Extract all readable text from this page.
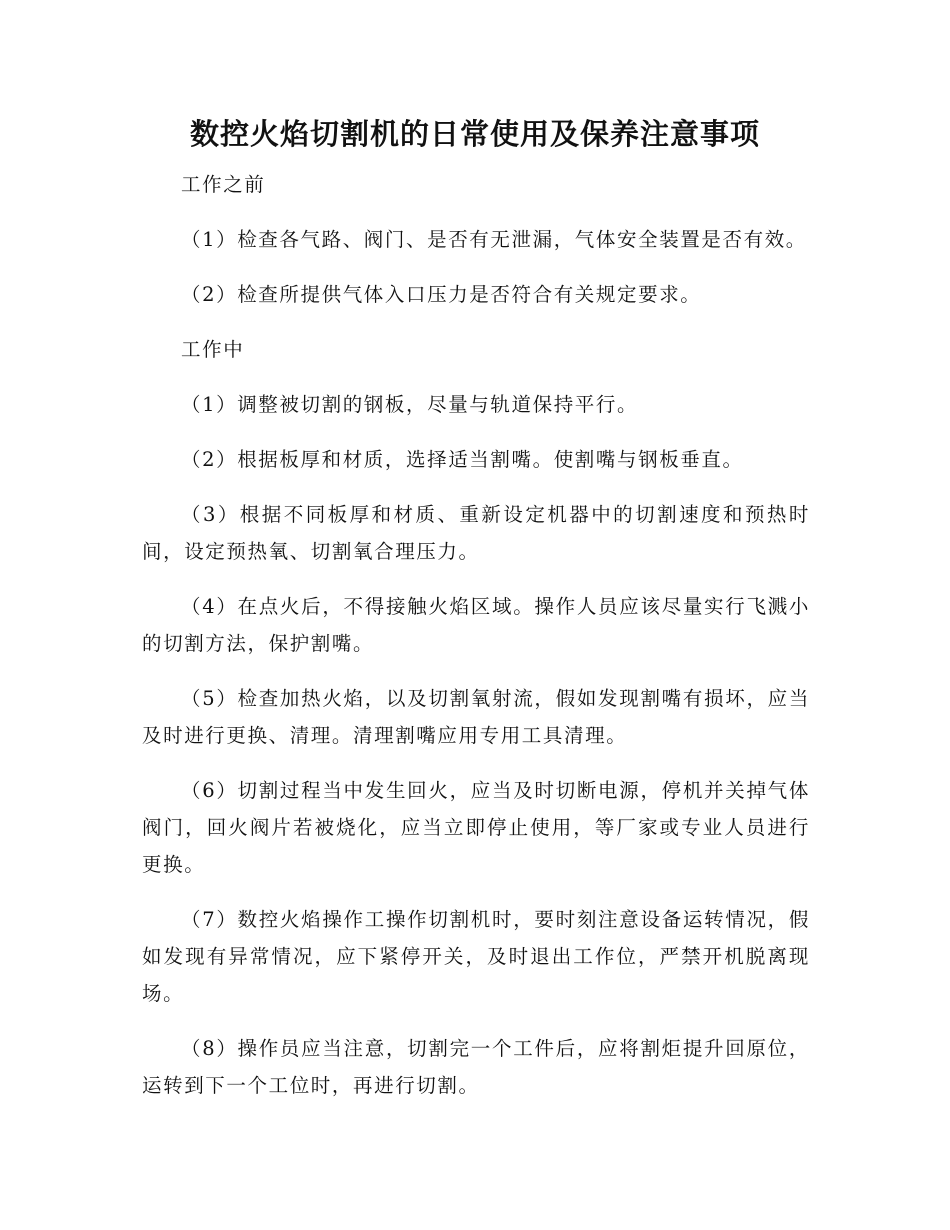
数控火焰切割机的日常使用及保养注意事项

工作之前

（1）检查各气路、阀门、是否有无泄漏，气体安全装置是否有效。

（2）检查所提供气体入口压力是否符合有关规定要求。

工作中

（1）调整被切割的钢板，尽量与轨道保持平行。

（2）根据板厚和材质，选择适当割嘴。使割嘴与钢板垂直。

（3）根据不同板厚和材质、重新设定机器中的切割速度和预热时间，设定预热氧、切割氧合理压力。

（4）在点火后，不得接触火焰区域。操作人员应该尽量实行飞溅小的切割方法，保护割嘴。

（5）检查加热火焰，以及切割氧射流，假如发现割嘴有损坏，应当及时进行更换、清理。清理割嘴应用专用工具清理。

（6）切割过程当中发生回火，应当及时切断电源，停机并关掉气体阀门，回火阀片若被烧化，应当立即停止使用，等厂家或专业人员进行更换。

（7）数控火焰操作工操作切割机时，要时刻注意设备运转情况，假如发现有异常情况，应下紧停开关，及时退出工作位，严禁开机脱离现场。

（8）操作员应当注意，切割完一个工件后，应将割炬提升回原位，运转到下一个工位时，再进行切割。
